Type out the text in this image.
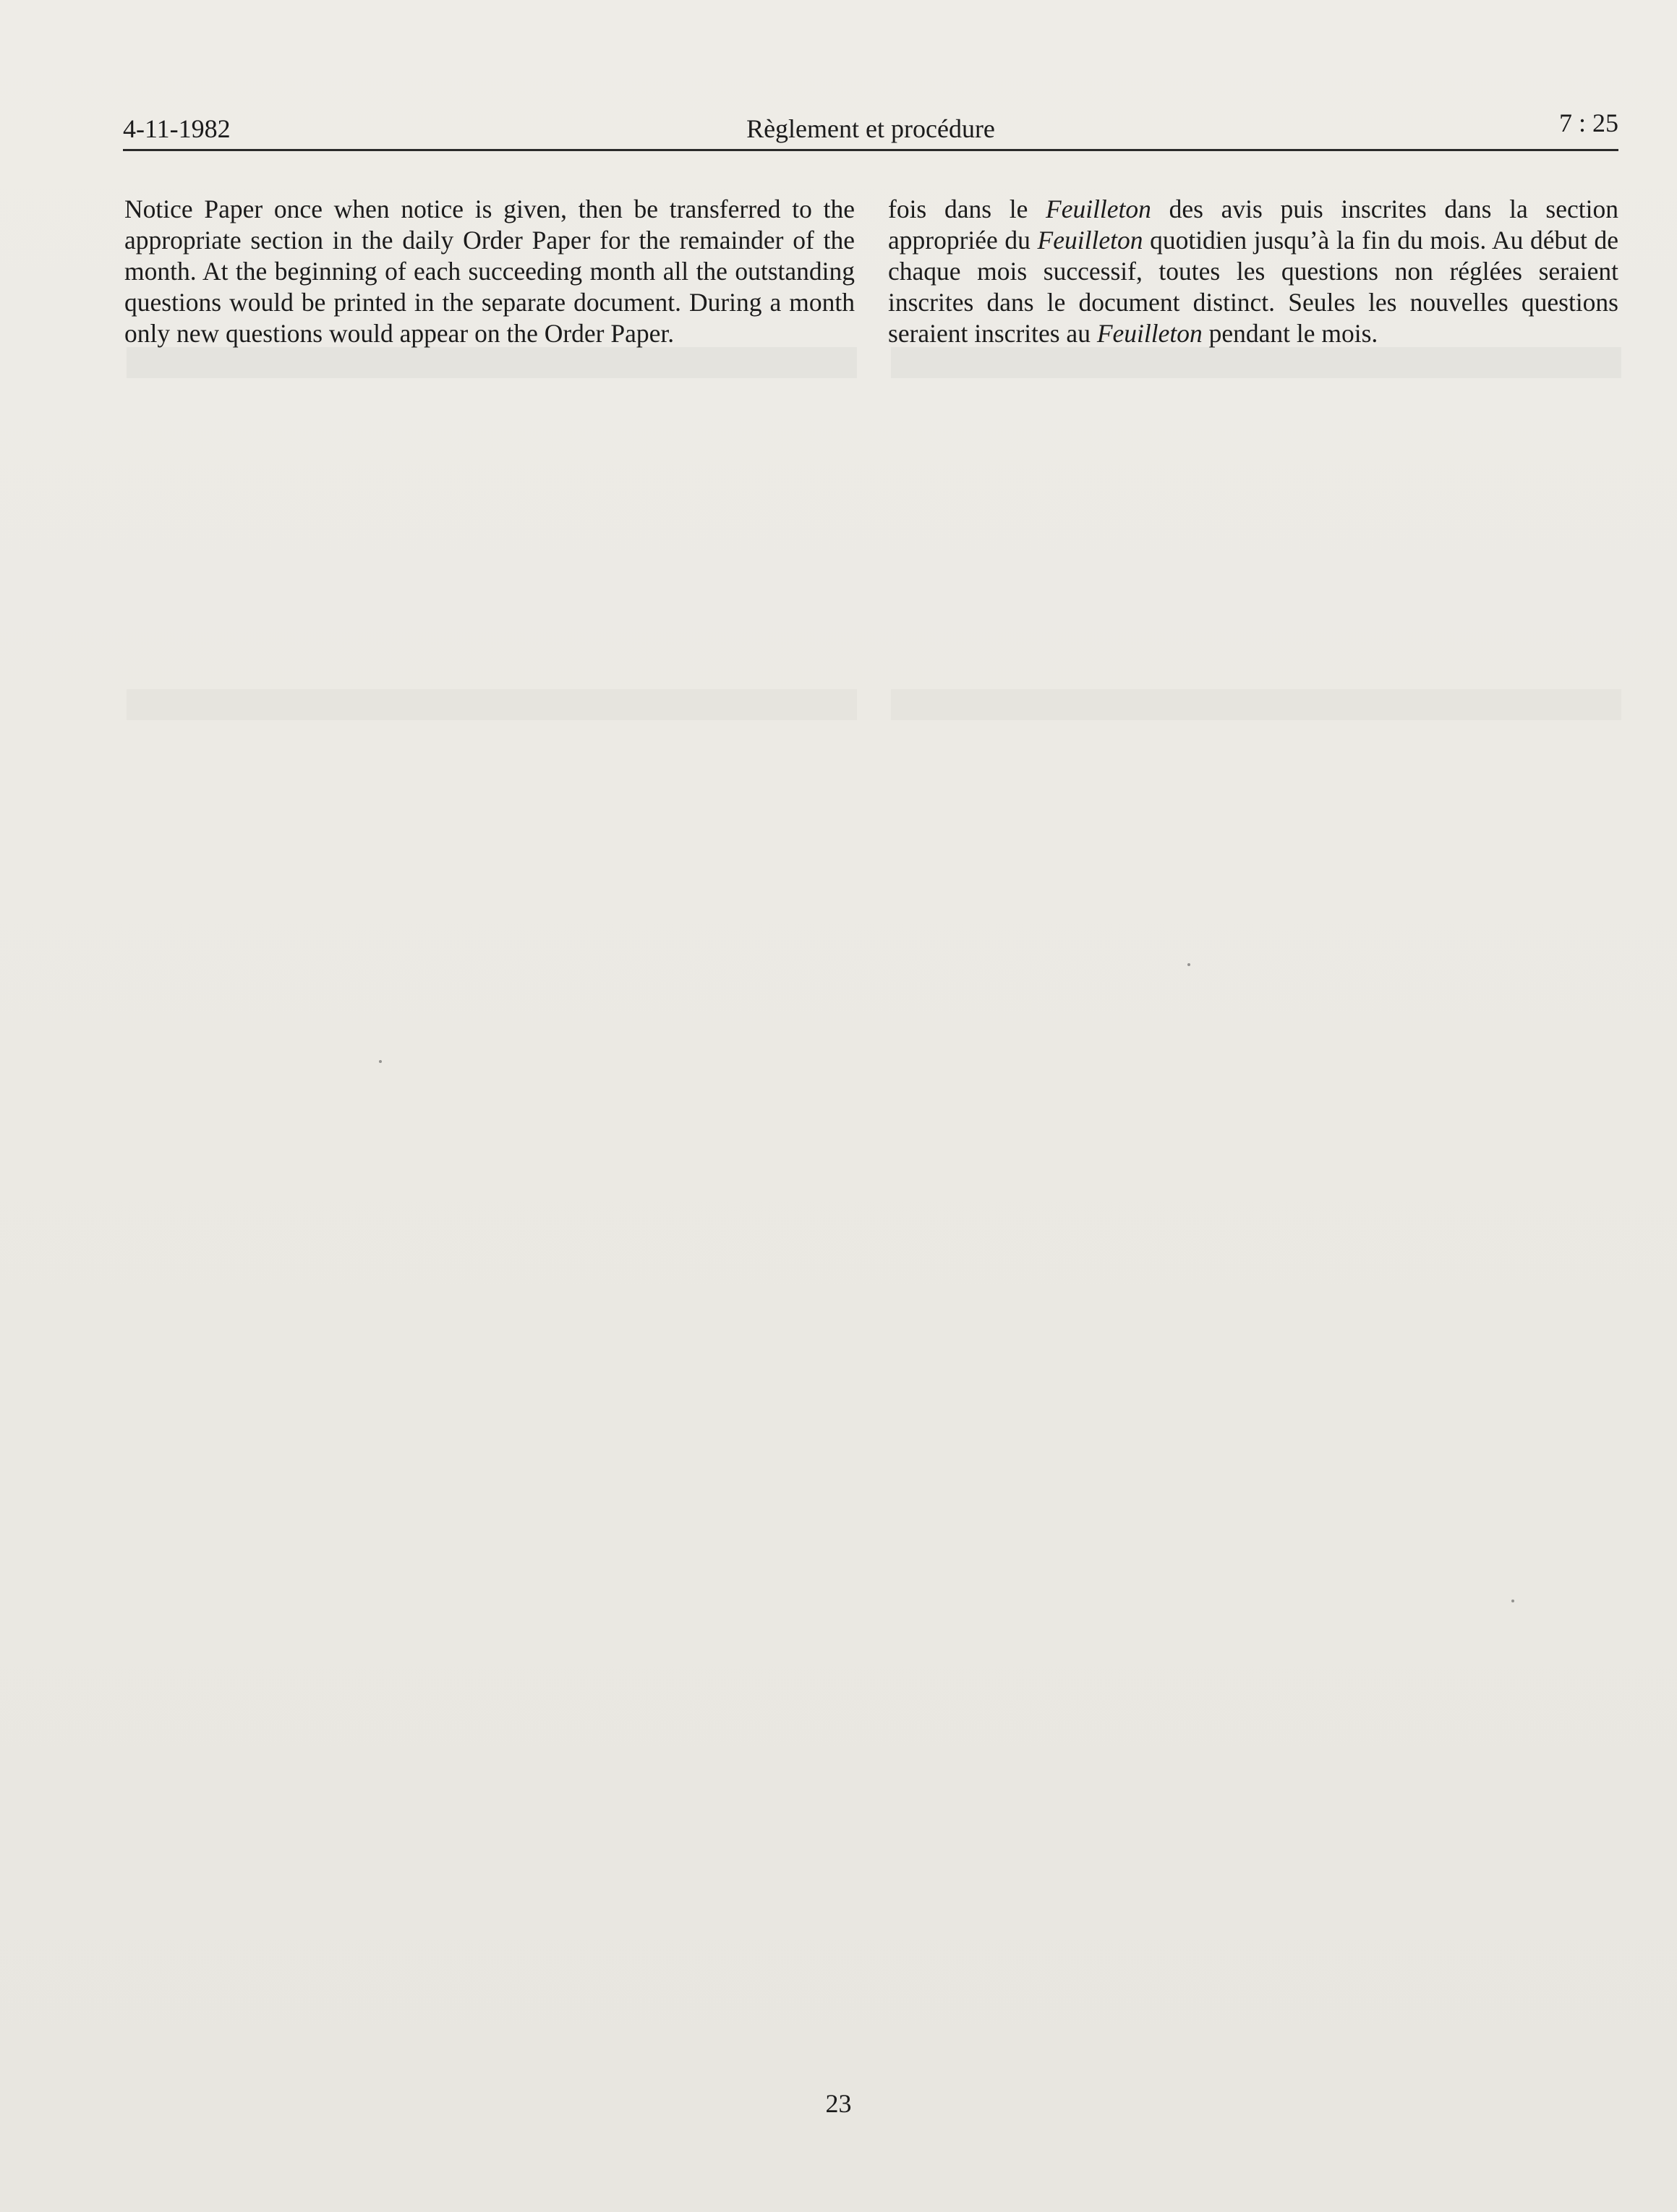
4-11-1982	Règlement et procédure	7 : 25

Notice Paper once when notice is given, then be transferred to the appropriate section in the daily Order Paper for the remainder of the month. At the beginning of each succeeding month all the outstanding questions would be printed in the separate document. During a month only new questions would appear on the Order Paper.

fois dans le Feuilleton des avis puis inscrites dans la section appropriée du Feuilleton quotidien jusqu’à la fin du mois. Au début de chaque mois successif, toutes les questions non réglées seraient inscrites dans le document distinct. Seules les nouvelles questions seraient inscrites au Feuilleton pendant le mois.

23
